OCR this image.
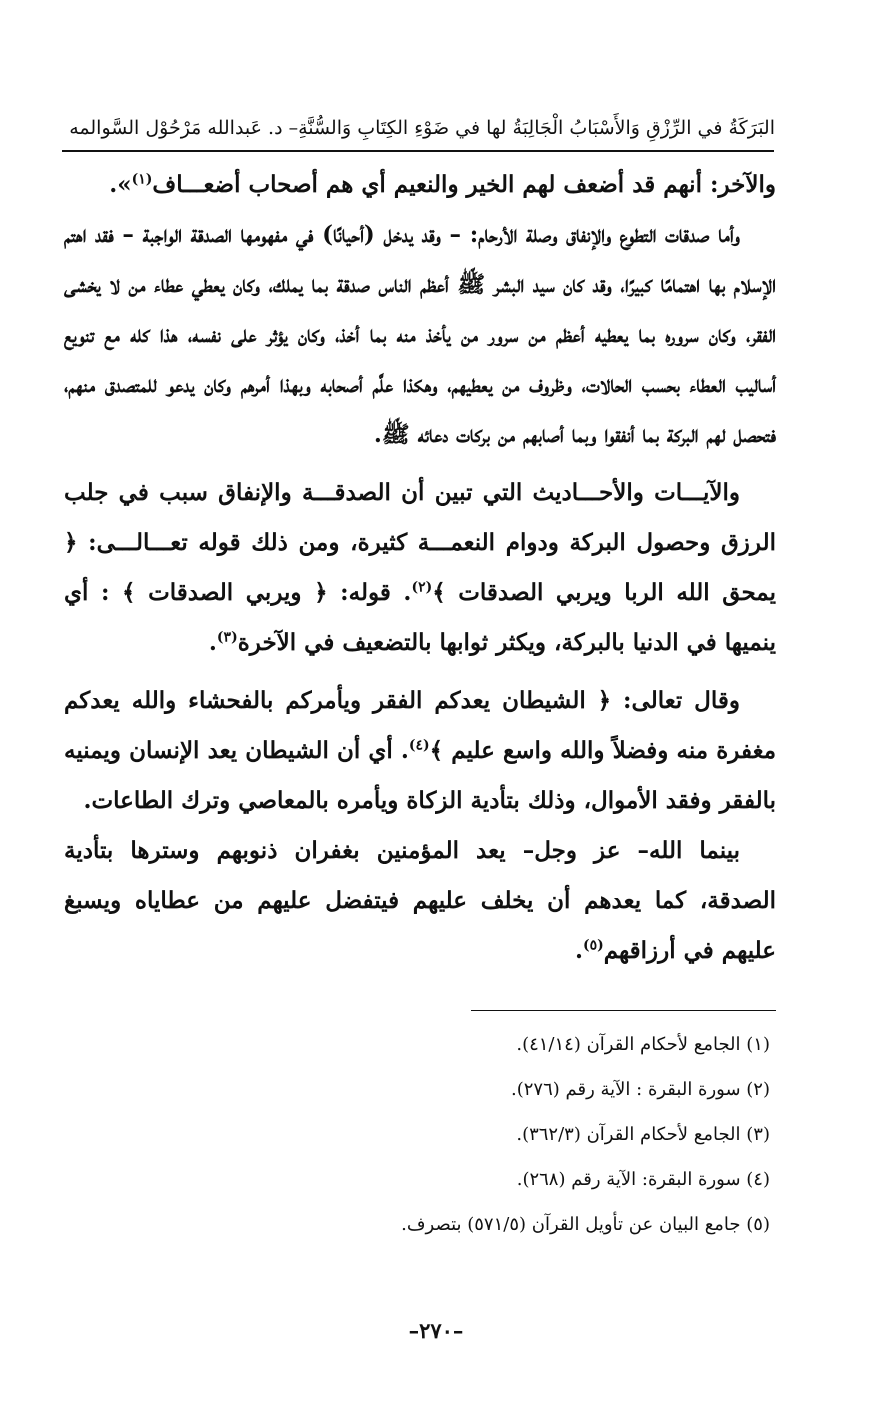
البَرَكَةُ في الرِّزْقِ وَالأَسْبَابُ الْجَالِبَةُ لها في ضَوْءِ الكِتَابِ وَالسُّنَّةِ– د. عَبدالله مَرْحُوْل السَّوالمه

والآخر: أنهم قد أضعف لهم الخير والنعيم أي هم أصحاب أضعـــاف$^{(١)}$».

وأما صدقات التطوع والإنفاق وصلة الأرحام: – وقد يدخل (أحيانًا) في مفهومها الصدقة الواجبة – فقد اهتم الإسلام بها اهتمامًا كبيرًا، وقد كان سيد البشر ﷺ أعظم الناس صدقة بما يملك، وكان يعطي عطاء من لا يخشى الفقر، وكان سروره بما يعطيه أعظم من سرور من يأخذ منه بما أخذ، وكان يؤثر على نفسه، هذا كله مع تنويع أساليب العطاء بحسب الحالات، وظروف من يعطيهم، وهكذا علَّم أصحابه وبهذا أمرهم وكان يدعو للمتصدق منهم، فتحصل لهم البركة بما أنفقوا وبما أصابهم من بركات دعائه ﷺ.

والآيـــات والأحـــاديث التي تبين أن الصدقـــة والإنفاق سبب في جلب الرزق وحصول البركة ودوام النعمـــة كثيرة، ومن ذلك قوله تعـــالـــى: ﴿ يمحق الله الربا ويربي الصدقات ﴾$^{(٢)}$. قوله: ﴿ ويربي الصدقات ﴾ : أي ينميها في الدنيا بالبركة، ويكثر ثوابها بالتضعيف في الآخرة$^{(٣)}$.

وقال تعالى: ﴿ الشيطان يعدكم الفقر ويأمركم بالفحشاء والله يعدكم مغفرة منه وفضلاً والله واسع عليم ﴾$^{(٤)}$. أي أن الشيطان يعد الإنسان ويمنيه بالفقر وفقد الأموال، وذلك بتأدية الزكاة ويأمره بالمعاصي وترك الطاعات.

بينما الله– عز وجل– يعد المؤمنين بغفران ذنوبهم وسترها بتأدية الصدقة، كما يعدهم أن يخلف عليهم فيتفضل عليهم من عطاياه ويسبغ عليهم في أرزاقهم$^{(٥)}$.

(١) الجامع لأحكام القرآن (٤١/١٤).
(٢) سورة البقرة : الآية رقم (٢٧٦).
(٣) الجامع لأحكام القرآن (٣٦٢/٣).
(٤) سورة البقرة: الآية رقم (٢٦٨).
(٥) جامع البيان عن تأويل القرآن (٥٧١/٥) بتصرف.
–٢٧٠–
